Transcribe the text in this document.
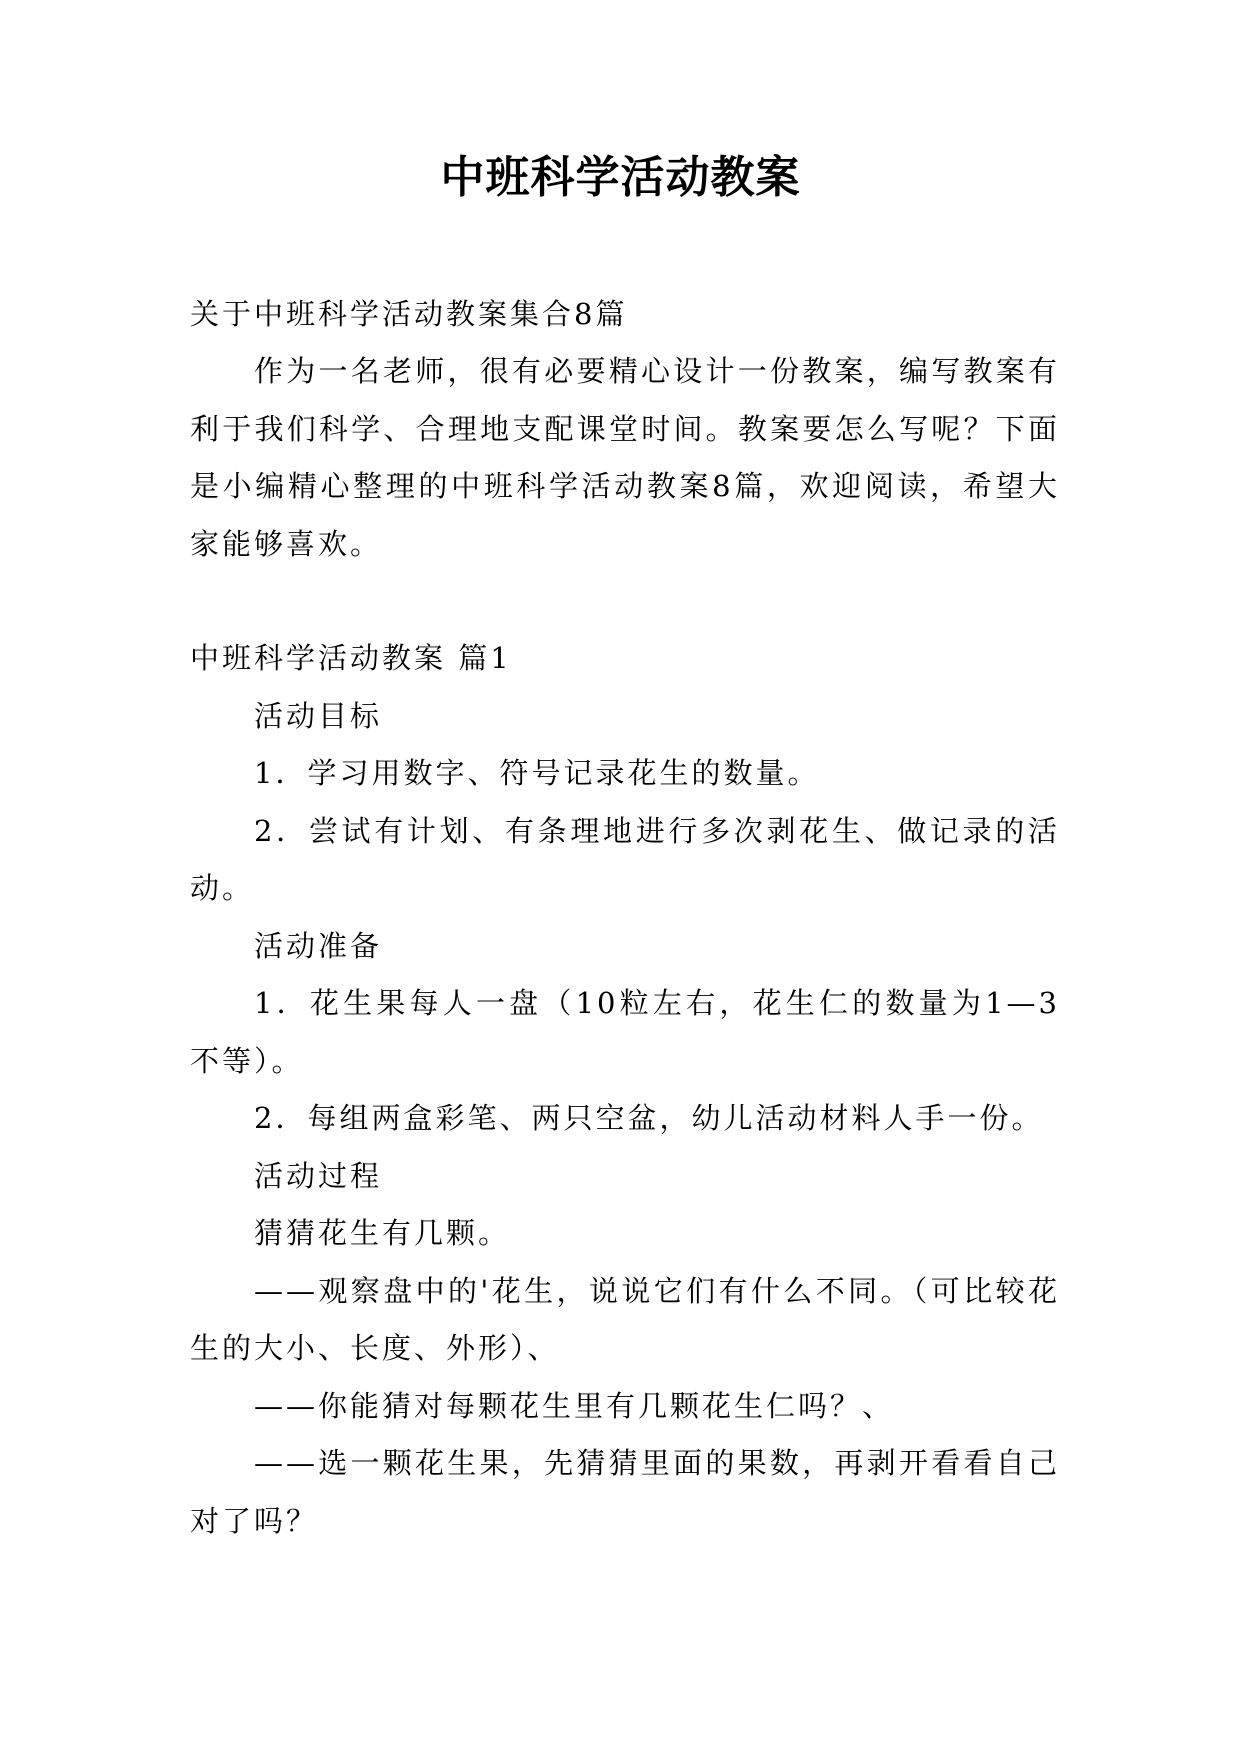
中班科学活动教案

关于中班科学活动教案集合8篇

作为一名老师，很有必要精心设计一份教案，编写教案有利于我们科学、合理地支配课堂时间。教案要怎么写呢？下面是小编精心整理的中班科学活动教案8篇，欢迎阅读，希望大家能够喜欢。

中班科学活动教案 篇1

活动目标

1．学习用数字、符号记录花生的数量。

2．尝试有计划、有条理地进行多次剥花生、做记录的活动。

活动准备

1．花生果每人一盘（10粒左右，花生仁的数量为1—3不等）。

2．每组两盒彩笔、两只空盆，幼儿活动材料人手一份。

活动过程

猜猜花生有几颗。

——观察盘中的'花生，说说它们有什么不同。（可比较花生的大小、长度、外形）、

——你能猜对每颗花生里有几颗花生仁吗？、

——选一颗花生果，先猜猜里面的果数，再剥开看看自己对了吗？
